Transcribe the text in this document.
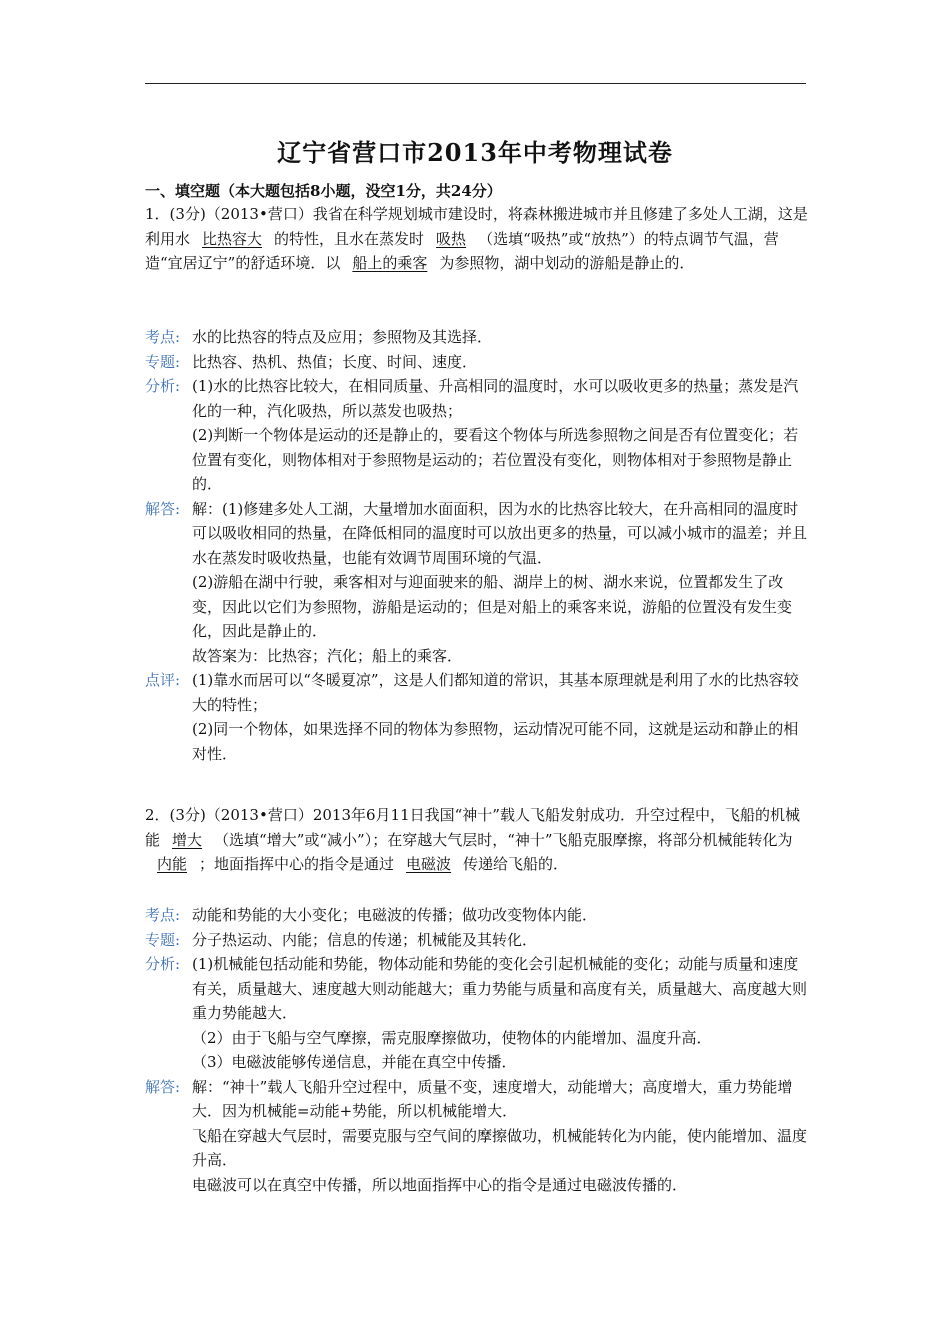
辽宁省营口市2013年中考物理试卷
一、填空题（本大题包括8小题，没空1分，共24分）

1．(3分)（2013•营口）我省在科学规划城市建设时，将森林搬进城市并且修建了多处人工湖，这是利用水 比热容大 的特性，且水在蒸发时 吸热 （选填“吸热”或“放热”）的特点调节气温，营造“宜居辽宁”的舒适环境．以 船上的乘客 为参照物，湖中划动的游船是静止的．

考点: 水的比热容的特点及应用；参照物及其选择．
专题: 比热容、热机、热值；长度、时间、速度．
分析: (1)水的比热容比较大，在相同质量、升高相同的温度时，水可以吸收更多的热量；蒸发是汽化的一种，汽化吸热，所以蒸发也吸热；
(2)判断一个物体是运动的还是静止的，要看这个物体与所选参照物之间是否有位置变化；若位置有变化，则物体相对于参照物是运动的；若位置没有变化，则物体相对于参照物是静止的．
解答: 解：(1)修建多处人工湖，大量增加水面面积，因为水的比热容比较大，在升高相同的温度时可以吸收相同的热量，在降低相同的温度时可以放出更多的热量，可以减小城市的温差；并且水在蒸发时吸收热量，也能有效调节周围环境的气温．
(2)游船在湖中行驶，乘客相对与迎面驶来的船、湖岸上的树、湖水来说，位置都发生了改变，因此以它们为参照物，游船是运动的；但是对船上的乘客来说，游船的位置没有发生变化，因此是静止的．
故答案为：比热容；汽化；船上的乘客．
点评: (1)靠水而居可以“冬暖夏凉”，这是人们都知道的常识，其基本原理就是利用了水的比热容较大的特性；
(2)同一个物体，如果选择不同的物体为参照物，运动情况可能不同，这就是运动和静止的相对性．

2．(3分)（2013•营口）2013年6月11日我国“神十”载人飞船发射成功．升空过程中，飞船的机械能 增大 （选填“增大”或“减小”）；在穿越大气层时，“神十”飞船克服摩擦，将部分机械能转化为内能 ；地面指挥中心的指令是通过 电磁波 传递给飞船的．

考点: 动能和势能的大小变化；电磁波的传播；做功改变物体内能．
专题: 分子热运动、内能；信息的传递；机械能及其转化．
分析: (1)机械能包括动能和势能，物体动能和势能的变化会引起机械能的变化；动能与质量和速度有关，质量越大、速度越大则动能越大；重力势能与质量和高度有关，质量越大、高度越大则重力势能越大．
（2）由于飞船与空气摩擦，需克服摩擦做功，使物体的内能增加、温度升高．
（3）电磁波能够传递信息，并能在真空中传播．
解答: 解：“神十”载人飞船升空过程中，质量不变，速度增大，动能增大；高度增大，重力势能增大．因为机械能=动能+势能，所以机械能增大．
飞船在穿越大气层时，需要克服与空气间的摩擦做功，机械能转化为内能，使内能增加、温度升高．
电磁波可以在真空中传播，所以地面指挥中心的指令是通过电磁波传播的．
